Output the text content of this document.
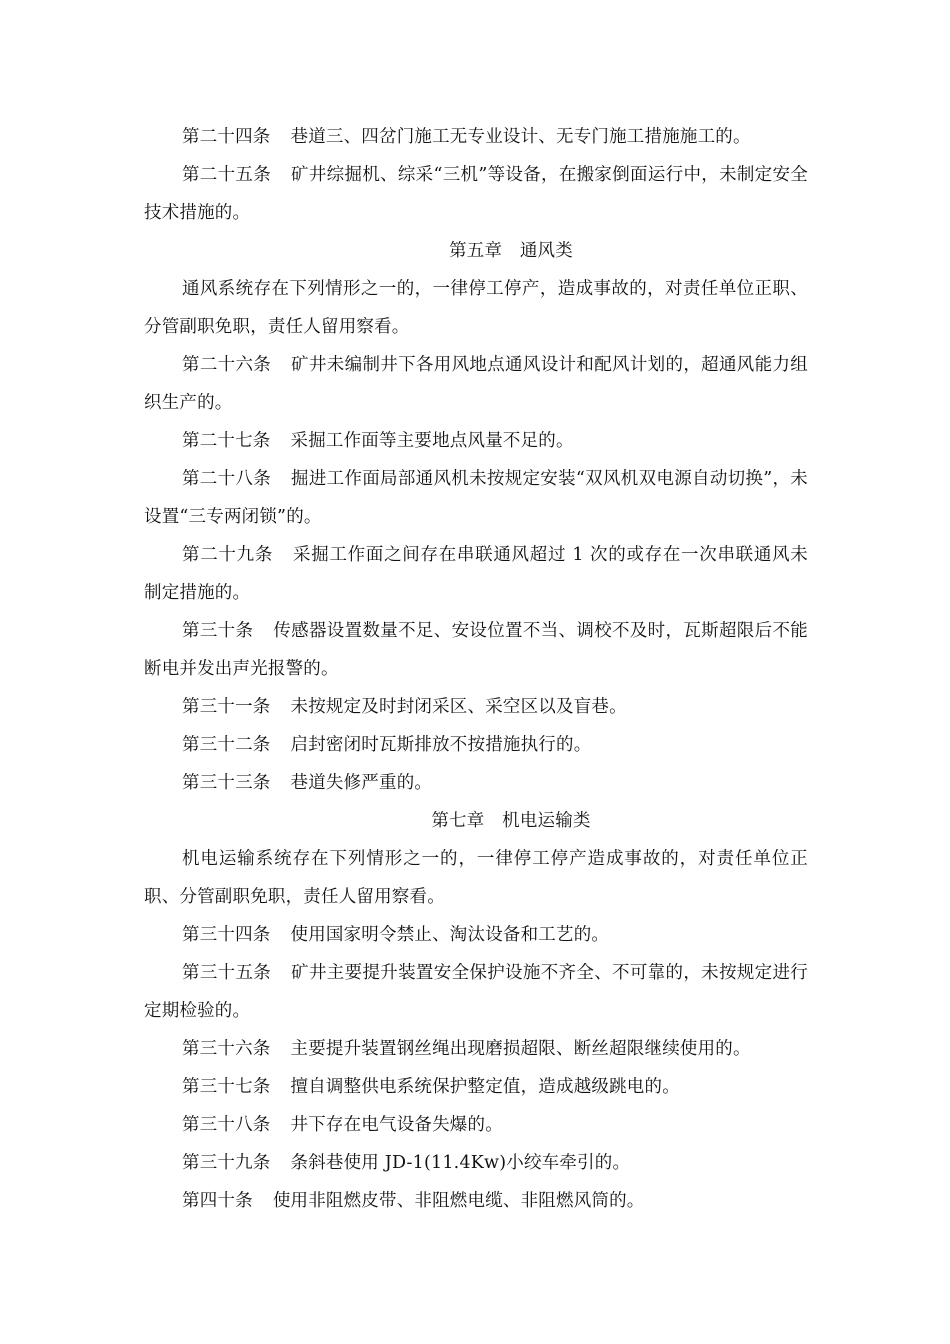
第二十四条 巷道三、四岔门施工无专业设计、无专门施工措施施工的。

第二十五条 矿井综掘机、综采“三机”等设备，在搬家倒面运行中，未制定安全技术措施的。

第五章　通风类

通风系统存在下列情形之一的，一律停工停产，造成事故的，对责任单位正职、分管副职免职，责任人留用察看。

第二十六条 矿井未编制井下各用风地点通风设计和配风计划的，超通风能力组织生产的。

第二十七条 采掘工作面等主要地点风量不足的。

第二十八条 掘进工作面局部通风机未按规定安装“双风机双电源自动切换”，未设置“三专两闭锁”的。

第二十九条 采掘工作面之间存在串联通风超过 1 次的或存在一次串联通风未制定措施的。

第三十条 传感器设置数量不足、安设位置不当、调校不及时，瓦斯超限后不能断电并发出声光报警的。

第三十一条 未按规定及时封闭采区、采空区以及盲巷。

第三十二条 启封密闭时瓦斯排放不按措施执行的。

第三十三条 巷道失修严重的。

第七章　机电运输类

机电运输系统存在下列情形之一的，一律停工停产造成事故的，对责任单位正职、分管副职免职，责任人留用察看。

第三十四条 使用国家明令禁止、淘汰设备和工艺的。

第三十五条 矿井主要提升装置安全保护设施不齐全、不可靠的，未按规定进行定期检验的。

第三十六条 主要提升装置钢丝绳出现磨损超限、断丝超限继续使用的。

第三十七条 擅自调整供电系统保护整定值，造成越级跳电的。

第三十八条 井下存在电气设备失爆的。

第三十九条 条斜巷使用 JD-1(11.4Kw)小绞车牵引的。

第四十条 使用非阻燃皮带、非阻燃电缆、非阻燃风筒的。
